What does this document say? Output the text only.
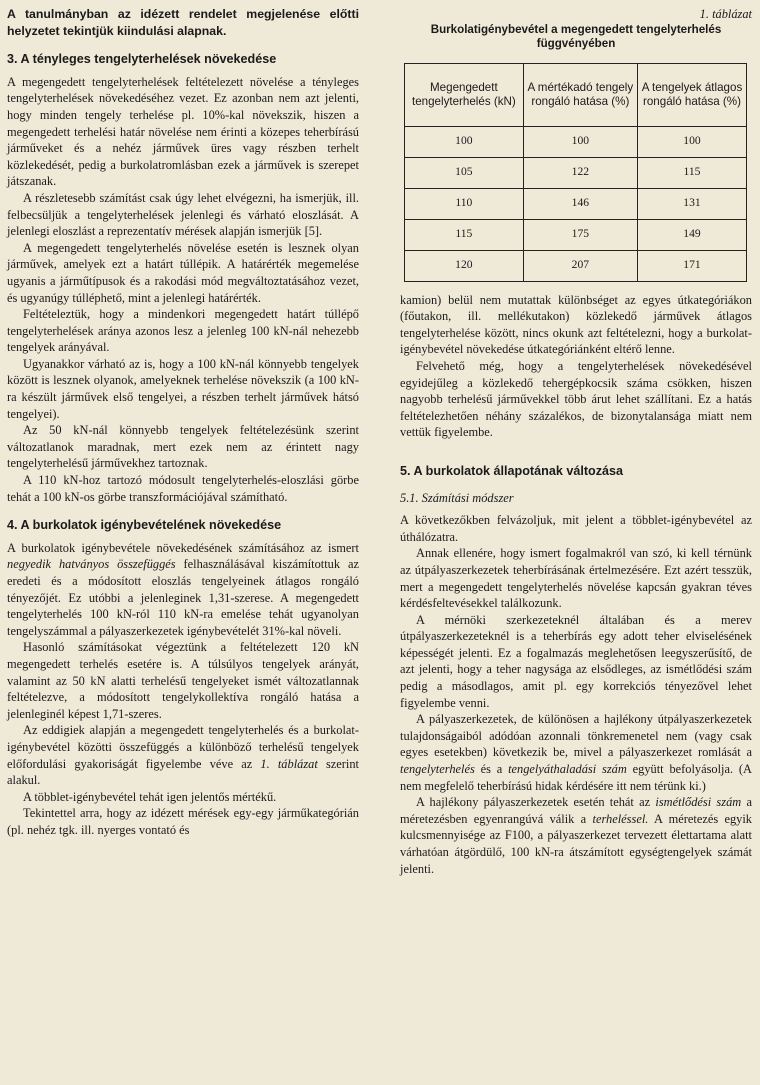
A tanulmányban az idézett rendelet megjelenése előtti helyzetet tekintjük kiindulási alapnak.

3. A tényleges tengelyterhelések növekedése

A megengedett tengelyterhelések feltételezett növelése a tényleges tengelyterhelések növekedéséhez vezet. Ez azonban nem azt jelenti, hogy minden tengely terhelése pl. 10%-kal növekszik, hiszen a megengedett terhelési határ növelése nem érinti a közepes teherbírású járműveket és a nehéz járművek üres vagy részben terhelt közlekedését, pedig a burkolatromlásban ezek a járművek is szerepet játszanak.

A részletesebb számítást csak úgy lehet elvégezni, ha ismerjük, ill. felbecsüljük a tengelyterhelések jelenlegi és várható eloszlását. A jelenlegi eloszlást a reprezentatív mérések alapján ismerjük [5].

A megengedett tengelyterhelés növelése esetén is lesznek olyan járművek, amelyek ezt a határt túllépik. A határérték megemelése ugyanis a járműtípusok és a rakodási mód megváltoztatásához vezet, és ugyanúgy túlléphető, mint a jelenlegi határérték.

Feltételeztük, hogy a mindenkori megengedett határt túllépő tengelyterhelések aránya azonos lesz a jelenleg 100 kN-nál nehezebb tengelyek arányával.

Ugyanakkor várható az is, hogy a 100 kN-nál könnyebb tengelyek között is lesznek olyanok, amelyeknek terhelése növekszik (a 100 kN-ra készült járművek első tengelyei, a részben terhelt járművek hátsó tengelyei).

Az 50 kN-nál könnyebb tengelyek feltételezésünk szerint változatlanok maradnak, mert ezek nem az érintett nagy tengelyterhelésű járművekhez tartoznak.

A 110 kN-hoz tartozó módosult tengelyterhelés-eloszlási görbe tehát a 100 kN-os görbe transzformációjával számítható.

4. A burkolatok igénybevételének növekedése

A burkolatok igénybevétele növekedésének számításához az ismert negyedik hatványos összefüggés felhasználásával kiszámítottuk az eredeti és a módosított eloszlás tengelyeinek átlagos rongáló tényezőjét. Ez utóbbi a jelenleginek 1,31-szerese. A megengedett tengelyterhelés 100 kN-ról 110 kN-ra emelése tehát ugyanolyan tengelyszámmal a pályaszerkezetek igénybevételét 31%-kal növeli.

Hasonló számításokat végeztünk a feltételezett 120 kN megengedett terhelés esetére is. A túlsúlyos tengelyek arányát, valamint az 50 kN alatti terhelésű tengelyeket ismét változatlannak feltételezve, a módosított tengelykollektíva rongáló hatása a jelenleginél képest 1,71-szeres.

Az eddigiek alapján a megengedett tengelyterhelés és a burkolat-igénybevétel közötti összefüggés a különböző terhelésű tengelyek előfordulási gyakoriságát figyelembe véve az 1. táblázat szerint alakul.

A többlet-igénybevétel tehát igen jelentős mértékű.

Tekintettel arra, hogy az idézett mérések egy-egy járműkategórián (pl. nehéz tgk. ill. nyerges vontató és

1. táblázat
Burkolatigénybevétel a megengedett tengelyterhelés
függvényében
Megengedett tengelyterhelés (kN)	A mértékadó tengely rongáló hatása (%)	A tengelyek átlagos rongáló hatása (%)
100	100	100
105	122	115
110	146	131
115	175	149
120	207	171

kamion) belül nem mutattak különbséget az egyes útkategóriákon (főutakon, ill. mellékutakon) közlekedő járművek átlagos tengelyterhelése között, nincs okunk azt feltételezni, hogy a burkolat-igénybevétel növekedése útkategóriánként eltérő lenne.

Felvehető még, hogy a tengelyterhelések növekedésével egyidejűleg a közlekedő tehergépkocsik száma csökken, hiszen nagyobb terhelésű járművekkel több árut lehet szállítani. Ez a hatás feltételezhetően néhány százalékos, de bizonytalansága miatt nem vettük figyelembe.

5. A burkolatok állapotának változása
5.1. Számítási módszer

A következőkben felvázoljuk, mit jelent a többlet-igénybevétel az úthálózatra.

Annak ellenére, hogy ismert fogalmakról van szó, ki kell térnünk az útpályaszerkezetek teherbírásának értelmezésére. Ezt azért tesszük, mert a megengedett tengelyterhelés növelése kapcsán gyakran téves kérdésfeltevésekkel találkozunk.

A mérnöki szerkezeteknél általában és a merev útpályaszerkezeteknél is a teherbírás egy adott teher elviselésének képességét jelenti. Ez a fogalmazás meglehetősen leegyszerűsítő, de azt jelenti, hogy a teher nagysága az elsődleges, az ismétlődési szám pedig a másodlagos, amit pl. egy korrekciós tényezővel lehet figyelembe venni.

A pályaszerkezetek, de különösen a hajlékony útpályaszerkezetek tulajdonságaiból adódóan azonnali tönkremenetel nem (vagy csak egyes esetekben) következik be, mivel a pályaszerkezet romlását a tengelyterhelés és a tengelyáthaladási szám együtt befolyásolja. (A nem megfelelő teherbírású hidak kérdésére itt nem térünk ki.)

A hajlékony pályaszerkezetek esetén tehát az ismétlődési szám a méretezésben egyenrangúvá válik a terheléssel. A méretezés egyik kulcsmennyisége az F100, a pályaszerkezet tervezett élettartama alatt várhatóan átgördülő, 100 kN-ra átszámított egységtengelyek számát jelenti.
